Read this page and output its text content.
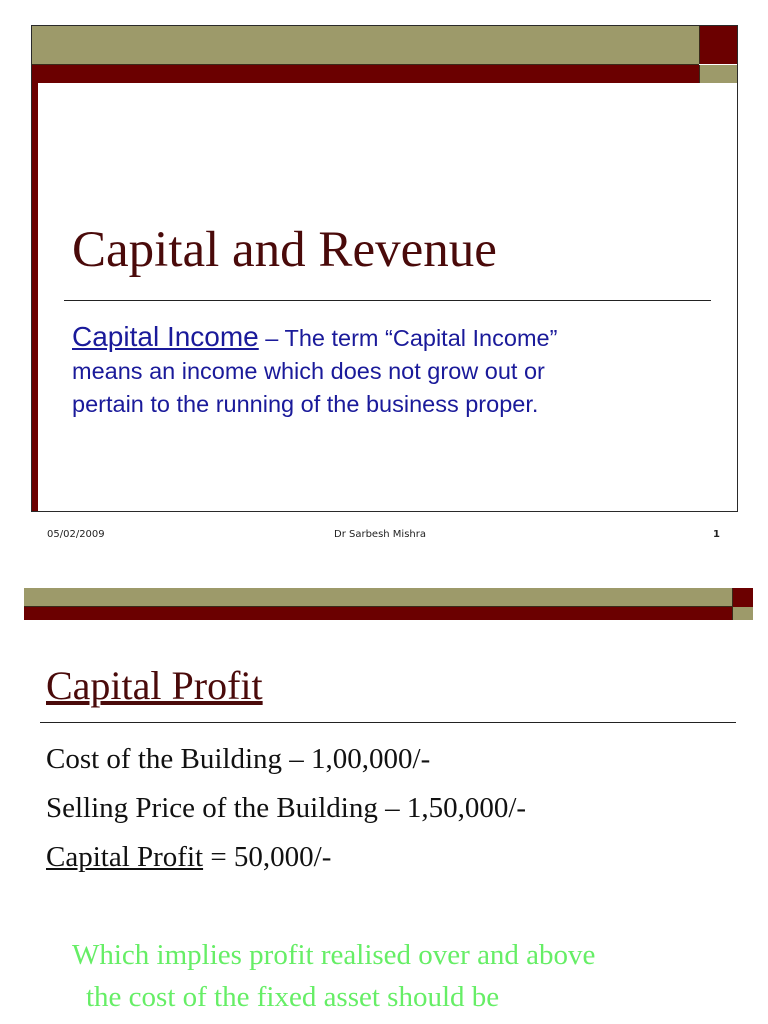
Capital and Revenue
Capital Income – The term “Capital Income”
means an income which does not grow out or
pertain to the running of the business proper.
05/02/2009	Dr Sarbesh Mishra	1
Capital Profit
Cost of the Building – 1,00,000/-
Selling Price of the Building – 1,50,000/-
Capital Profit = 50,000/-
Which implies profit realised over and above
the cost of the fixed asset should be
